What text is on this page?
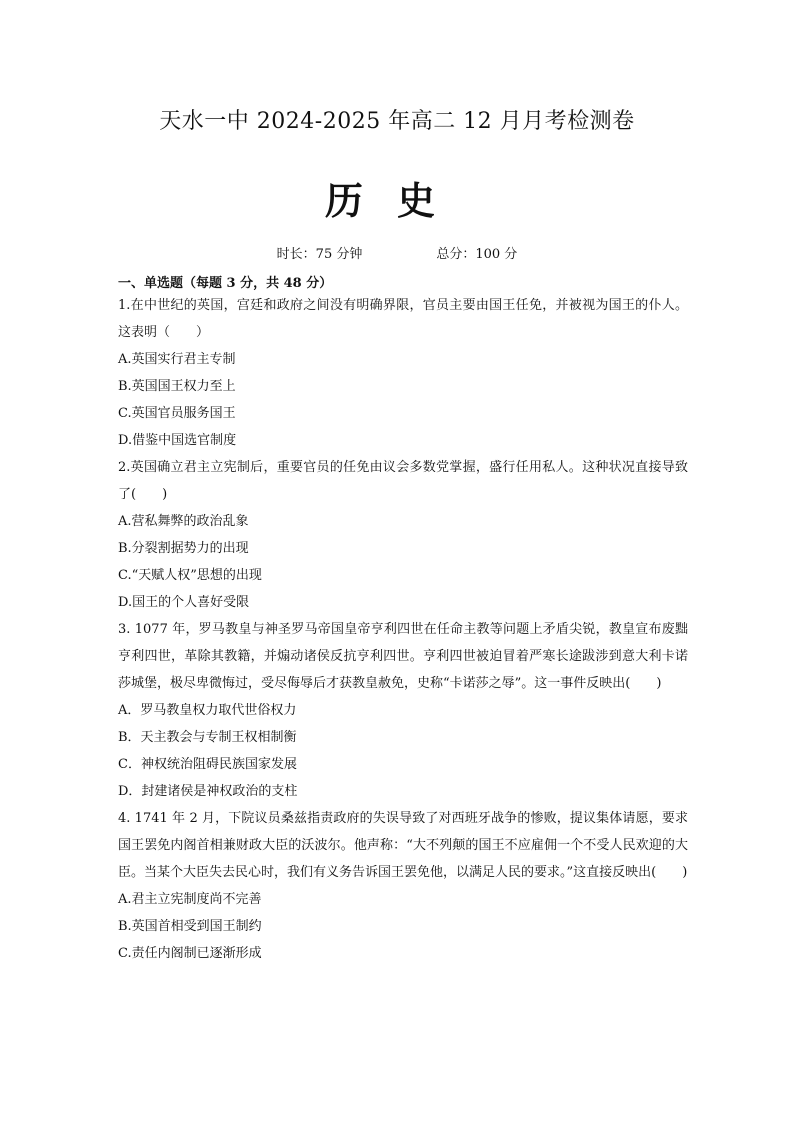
天水一中 2024-2025 年高二 12 月月考检测卷
历史
时长：75 分钟	总分：100 分

一、单选题（每题 3 分，共 48 分）

1.在中世纪的英国，宫廷和政府之间没有明确界限，官员主要由国王任免，并被视为国王的仆人。这表明（　　）

A.英国实行君主专制

B.英国国王权力至上

C.英国官员服务国王

D.借鉴中国选官制度

2.英国确立君主立宪制后，重要官员的任免由议会多数党掌握，盛行任用私人。这种状况直接导致了(　　)

A.营私舞弊的政治乱象

B.分裂割据势力的出现

C.“天赋人权”思想的出现

D.国王的个人喜好受限

3. 1077 年，罗马教皇与神圣罗马帝国皇帝亨利四世在任命主教等问题上矛盾尖锐，教皇宣布废黜亨利四世，革除其教籍，并煽动诸侯反抗亨利四世。亨利四世被迫冒着严寒长途跋涉到意大利卡诺莎城堡，极尽卑微悔过，受尽侮辱后才获教皇赦免，史称“卡诺莎之辱”。这一事件反映出(　　)

A．罗马教皇权力取代世俗权力

B．天主教会与专制王权相制衡

C．神权统治阻碍民族国家发展

D．封建诸侯是神权政治的支柱

4. 1741 年 2 月，下院议员桑兹指责政府的失误导致了对西班牙战争的惨败，提议集体请愿，要求国王罢免内阁首相兼财政大臣的沃波尔。他声称：“大不列颠的国王不应雇佣一个不受人民欢迎的大臣。当某个大臣失去民心时，我们有义务告诉国王罢免他，以满足人民的要求。”这直接反映出(　　)

A.君主立宪制度尚不完善

B.英国首相受到国王制约

C.责任内阁制已逐渐形成
